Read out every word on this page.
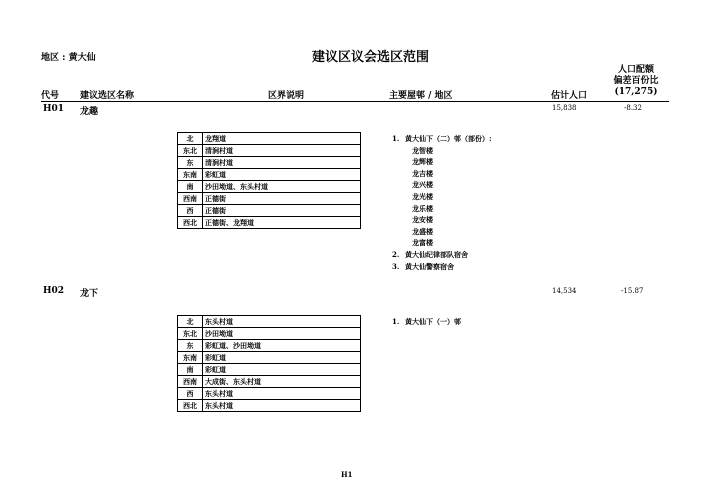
地区 : 黄大仙	建议区议会选区范围
代号 建议选区名称	区界说明	主要屋邨 / 地区	估计人口
人口配额
偏差百份比
(17,275)
H01 龙趣	15,838	-8.32
北	龙翔道
东北	清涧村道
东	清涧村道
东南	彩虹道
南	沙田坳道、东头村道
西南	正德街
西	正德街
西北	正德街、龙翔道
1. 黄大仙下（二）邨（部份）:
龙智楼
龙辉楼
龙吉楼
龙兴楼
龙光楼
龙乐楼
龙安楼
龙盛楼
龙富楼
2. 黄大仙纪律部队宿舍
3. 黄大仙警察宿舍
H02 龙下	14,534	-15.87
北	东头村道
东北	沙田坳道
东	彩虹道、沙田坳道
东南	彩虹道
南	彩虹道
西南	大成街、东头村道
西	东头村道
西北	东头村道
1. 黄大仙下（一）邨
H1
